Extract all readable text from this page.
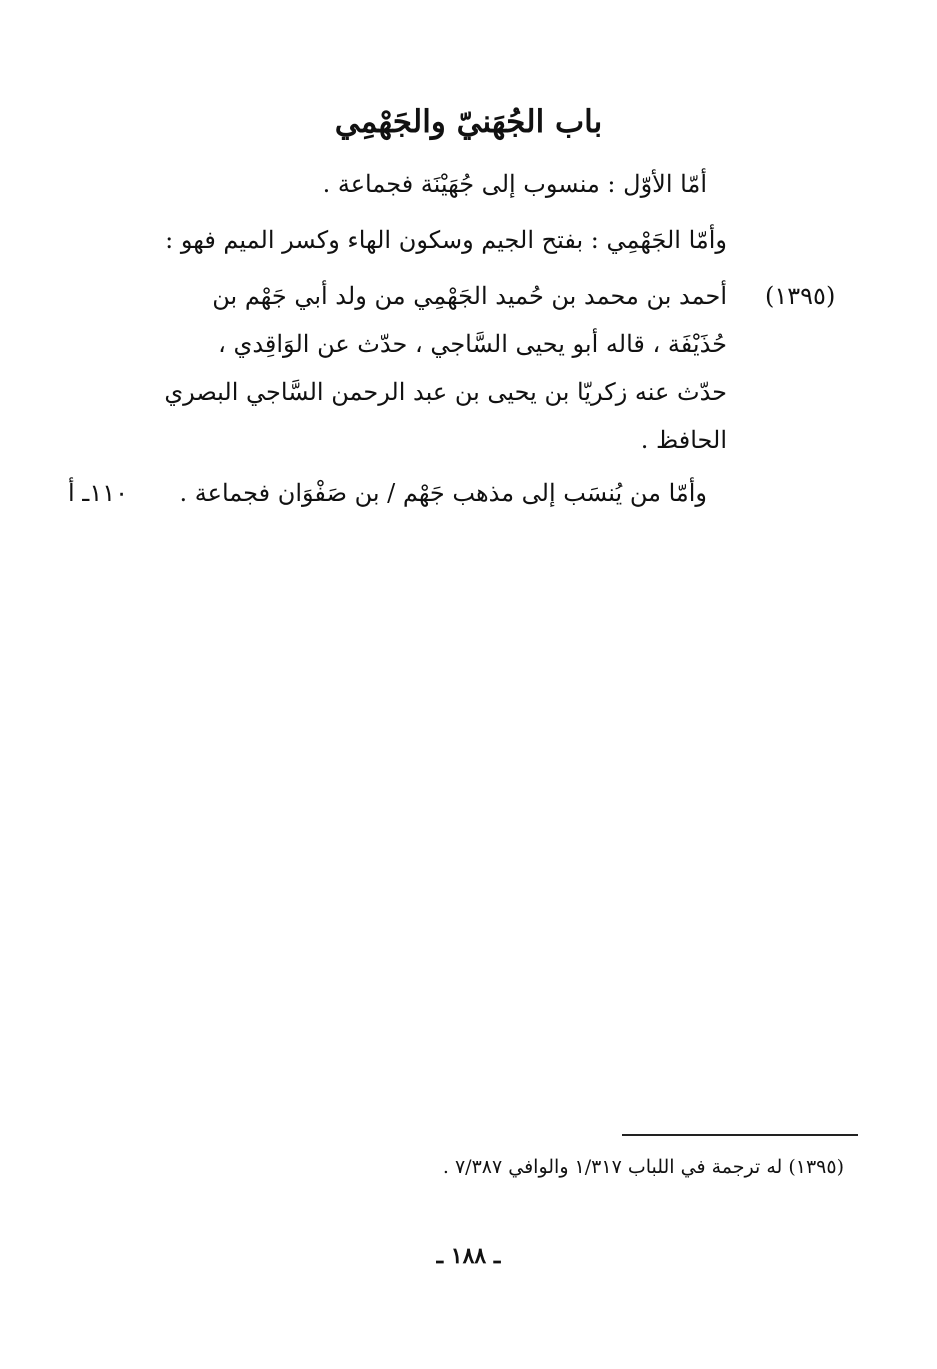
باب الجُهَنيّ والجَهْمِي
أمّا الأوّل : منسوب إلى جُهَيْنَة فجماعة .
وأمّا الجَهْمِي : بفتح الجيم وسكون الهاء وكسر الميم فهو :
(١٣٩٥)
أحمد بن محمد بن حُميد الجَهْمِي من ولد أبي جَهْم بن
حُذَيْفَة ، قاله أبو يحيى السَّاجي ، حدّث عن الوَاقِدي ،
حدّث عنه زكريّا بن يحيى بن عبد الرحمن السَّاجي البصري
الحافظ .
وأمّا من يُنسَب إلى مذهب جَهْم / بن صَفْوَان فجماعة .
١١٠ـ أ
(١٣٩٥) له ترجمة في اللباب ١/٣١٧ والوافي ٧/٣٨٧ .
ـ ١٨٨ ـ
